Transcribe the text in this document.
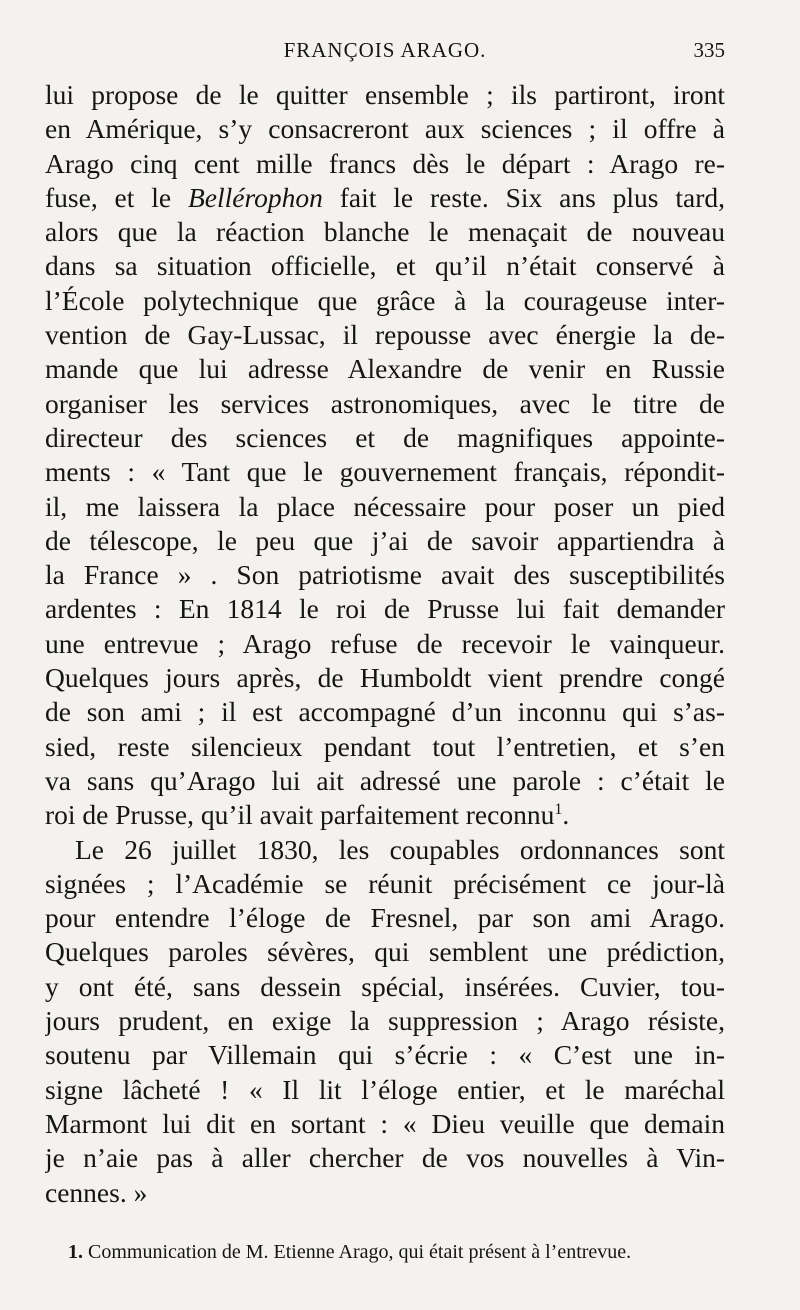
FRANÇOIS ARAGO.	335
lui propose de le quitter ensemble ; ils partiront, iront
en Amérique, s’y consacreront aux sciences ; il offre à
Arago cinq cent mille francs dès le départ : Arago re-
fuse, et le Bellérophon fait le reste. Six ans plus tard,
alors que la réaction blanche le menaçait de nouveau
dans sa situation officielle, et qu’il n’était conservé à
l’École polytechnique que grâce à la courageuse inter-
vention de Gay-Lussac, il repousse avec énergie la de-
mande que lui adresse Alexandre de venir en Russie
organiser les services astronomiques, avec le titre de
directeur des sciences et de magnifiques appointe-
ments : « Tant que le gouvernement français, répondit-
il, me laissera la place nécessaire pour poser un pied
de télescope, le peu que j’ai de savoir appartiendra à
la France » . Son patriotisme avait des susceptibilités
ardentes : En 1814 le roi de Prusse lui fait demander
une entrevue ; Arago refuse de recevoir le vainqueur.
Quelques jours après, de Humboldt vient prendre congé
de son ami ; il est accompagné d’un inconnu qui s’as-
sied, reste silencieux pendant tout l’entretien, et s’en
va sans qu’Arago lui ait adressé une parole : c’était le
roi de Prusse, qu’il avait parfaitement reconnu$^1$.
Le 26 juillet 1830, les coupables ordonnances sont
signées ; l’Académie se réunit précisément ce jour-là
pour entendre l’éloge de Fresnel, par son ami Arago.
Quelques paroles sévères, qui semblent une prédiction,
y ont été, sans dessein spécial, insérées. Cuvier, tou-
jours prudent, en exige la suppression ; Arago résiste,
soutenu par Villemain qui s’écrie : « C’est une in-
signe lâcheté ! « Il lit l’éloge entier, et le maréchal
Marmont lui dit en sortant : « Dieu veuille que demain
je n’aie pas à aller chercher de vos nouvelles à Vin-
cennes. »
1. Communication de M. Etienne Arago, qui était présent à l’entrevue.
